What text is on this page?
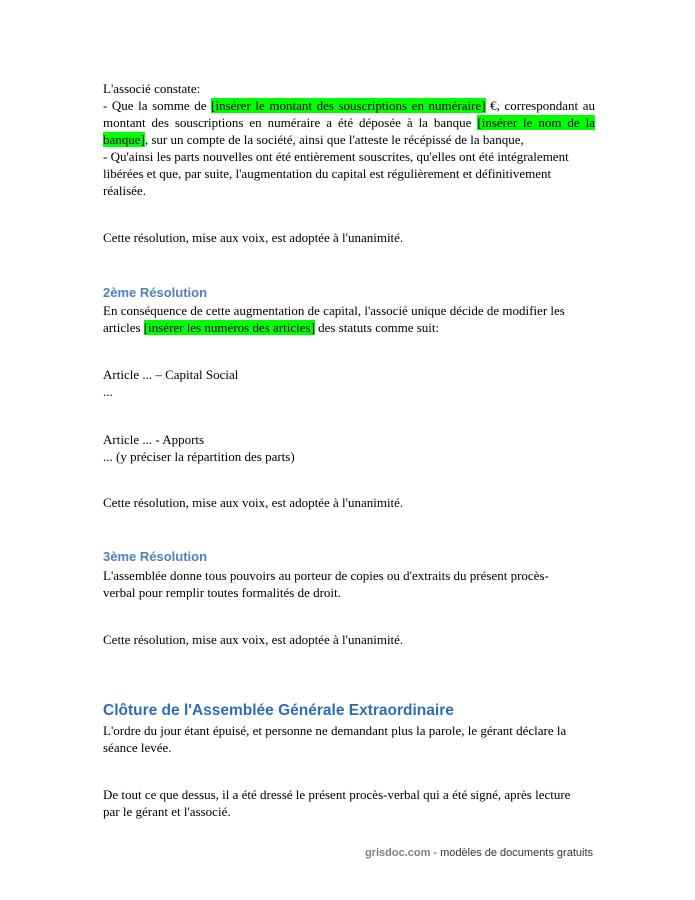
L'associé constate:
- Que la somme de [insérer le montant des souscriptions en numéraire] €, correspondant au
montant des souscriptions en numéraire a été déposée à la banque [insérer le nom de la
banque], sur un compte de la société, ainsi que l'atteste le récépissé de la banque,
- Qu'ainsi les parts nouvelles ont été entièrement souscrites, qu'elles ont été intégralement
libérées et que, par suite, l'augmentation du capital est régulièrement et définitivement
réalisée.
Cette résolution, mise aux voix, est adoptée à l'unanimité.
2ème Résolution
En conséquence de cette augmentation de capital, l'associé unique décide de modifier les
articles [insérer les numéros des articles] des statuts comme suit:
Article ... – Capital Social
...
Article ... - Apports
... (y préciser la répartition des parts)
Cette résolution, mise aux voix, est adoptée à l'unanimité.
3ème Résolution
L'assemblée donne tous pouvoirs au porteur de copies ou d'extraits du présent procès-
verbal pour remplir toutes formalités de droit.
Cette résolution, mise aux voix, est adoptée à l'unanimité.
Clôture de l'Assemblée Générale Extraordinaire
L'ordre du jour étant épuisé, et personne ne demandant plus la parole, le gérant déclare la
séance levée.
De tout ce que dessus, il a été dressé le présent procès-verbal qui a été signé, après lecture
par le gérant et l'associé.
grisdoc.com - modèles de documents gratuits
